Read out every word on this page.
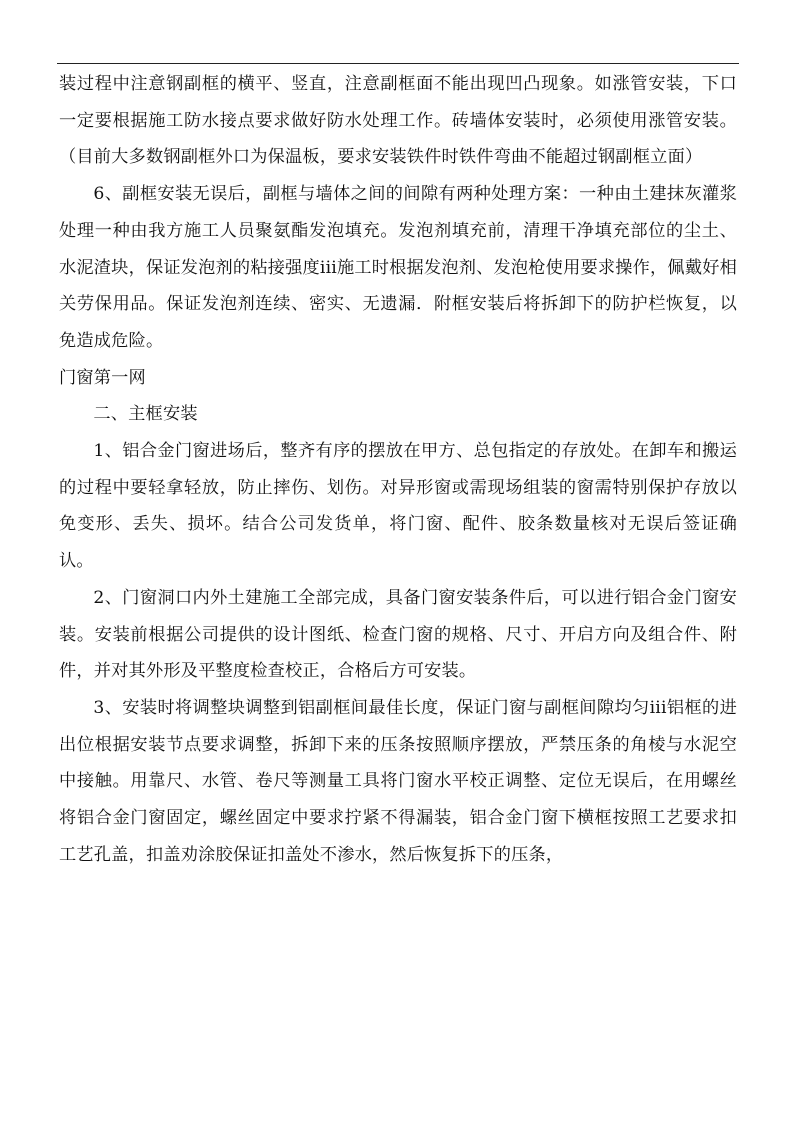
装过程中注意钢副框的横平、竖直，注意副框面不能出现凹凸现象。如涨管安装，下口一定要根据施工防水接点要求做好防水处理工作。砖墙体安装时，必须使用涨管安装。（目前大多数钢副框外口为保温板，要求安装铁件时铁件弯曲不能超过钢副框立面）

6、副框安装无误后，副框与墙体之间的间隙有两种处理方案：一种由土建抹灰灌浆处理一种由我方施工人员聚氨酯发泡填充。发泡剂填充前，清理干净填充部位的尘土、水泥渣块，保证发泡剂的粘接强度iii施工时根据发泡剂、发泡枪使用要求操作，佩戴好相关劳保用品。保证发泡剂连续、密实、无遗漏．附框安装后将拆卸下的防护栏恢复，以免造成危险。

门窗第一网

二、主框安装

1、铝合金门窗进场后，整齐有序的摆放在甲方、总包指定的存放处。在卸车和搬运的过程中要轻拿轻放，防止摔伤、划伤。对异形窗或需现场组装的窗需特别保护存放以免变形、丢失、损坏。结合公司发货单，将门窗、配件、胶条数量核对无误后签证确认。

2、门窗洞口内外土建施工全部完成，具备门窗安装条件后，可以进行铝合金门窗安装。安装前根据公司提供的设计图纸、检查门窗的规格、尺寸、开启方向及组合件、附件，并对其外形及平整度检查校正，合格后方可安装。

3、安装时将调整块调整到铝副框间最佳长度，保证门窗与副框间隙均匀iii铝框的进出位根据安装节点要求调整，拆卸下来的压条按照顺序摆放，严禁压条的角棱与水泥空中接触。用靠尺、水管、卷尺等测量工具将门窗水平校正调整、定位无误后，在用螺丝将铝合金门窗固定，螺丝固定中要求拧紧不得漏装，铝合金门窗下横框按照工艺要求扣工艺孔盖，扣盖劝涂胶保证扣盖处不渗水，然后恢复拆下的压条，
